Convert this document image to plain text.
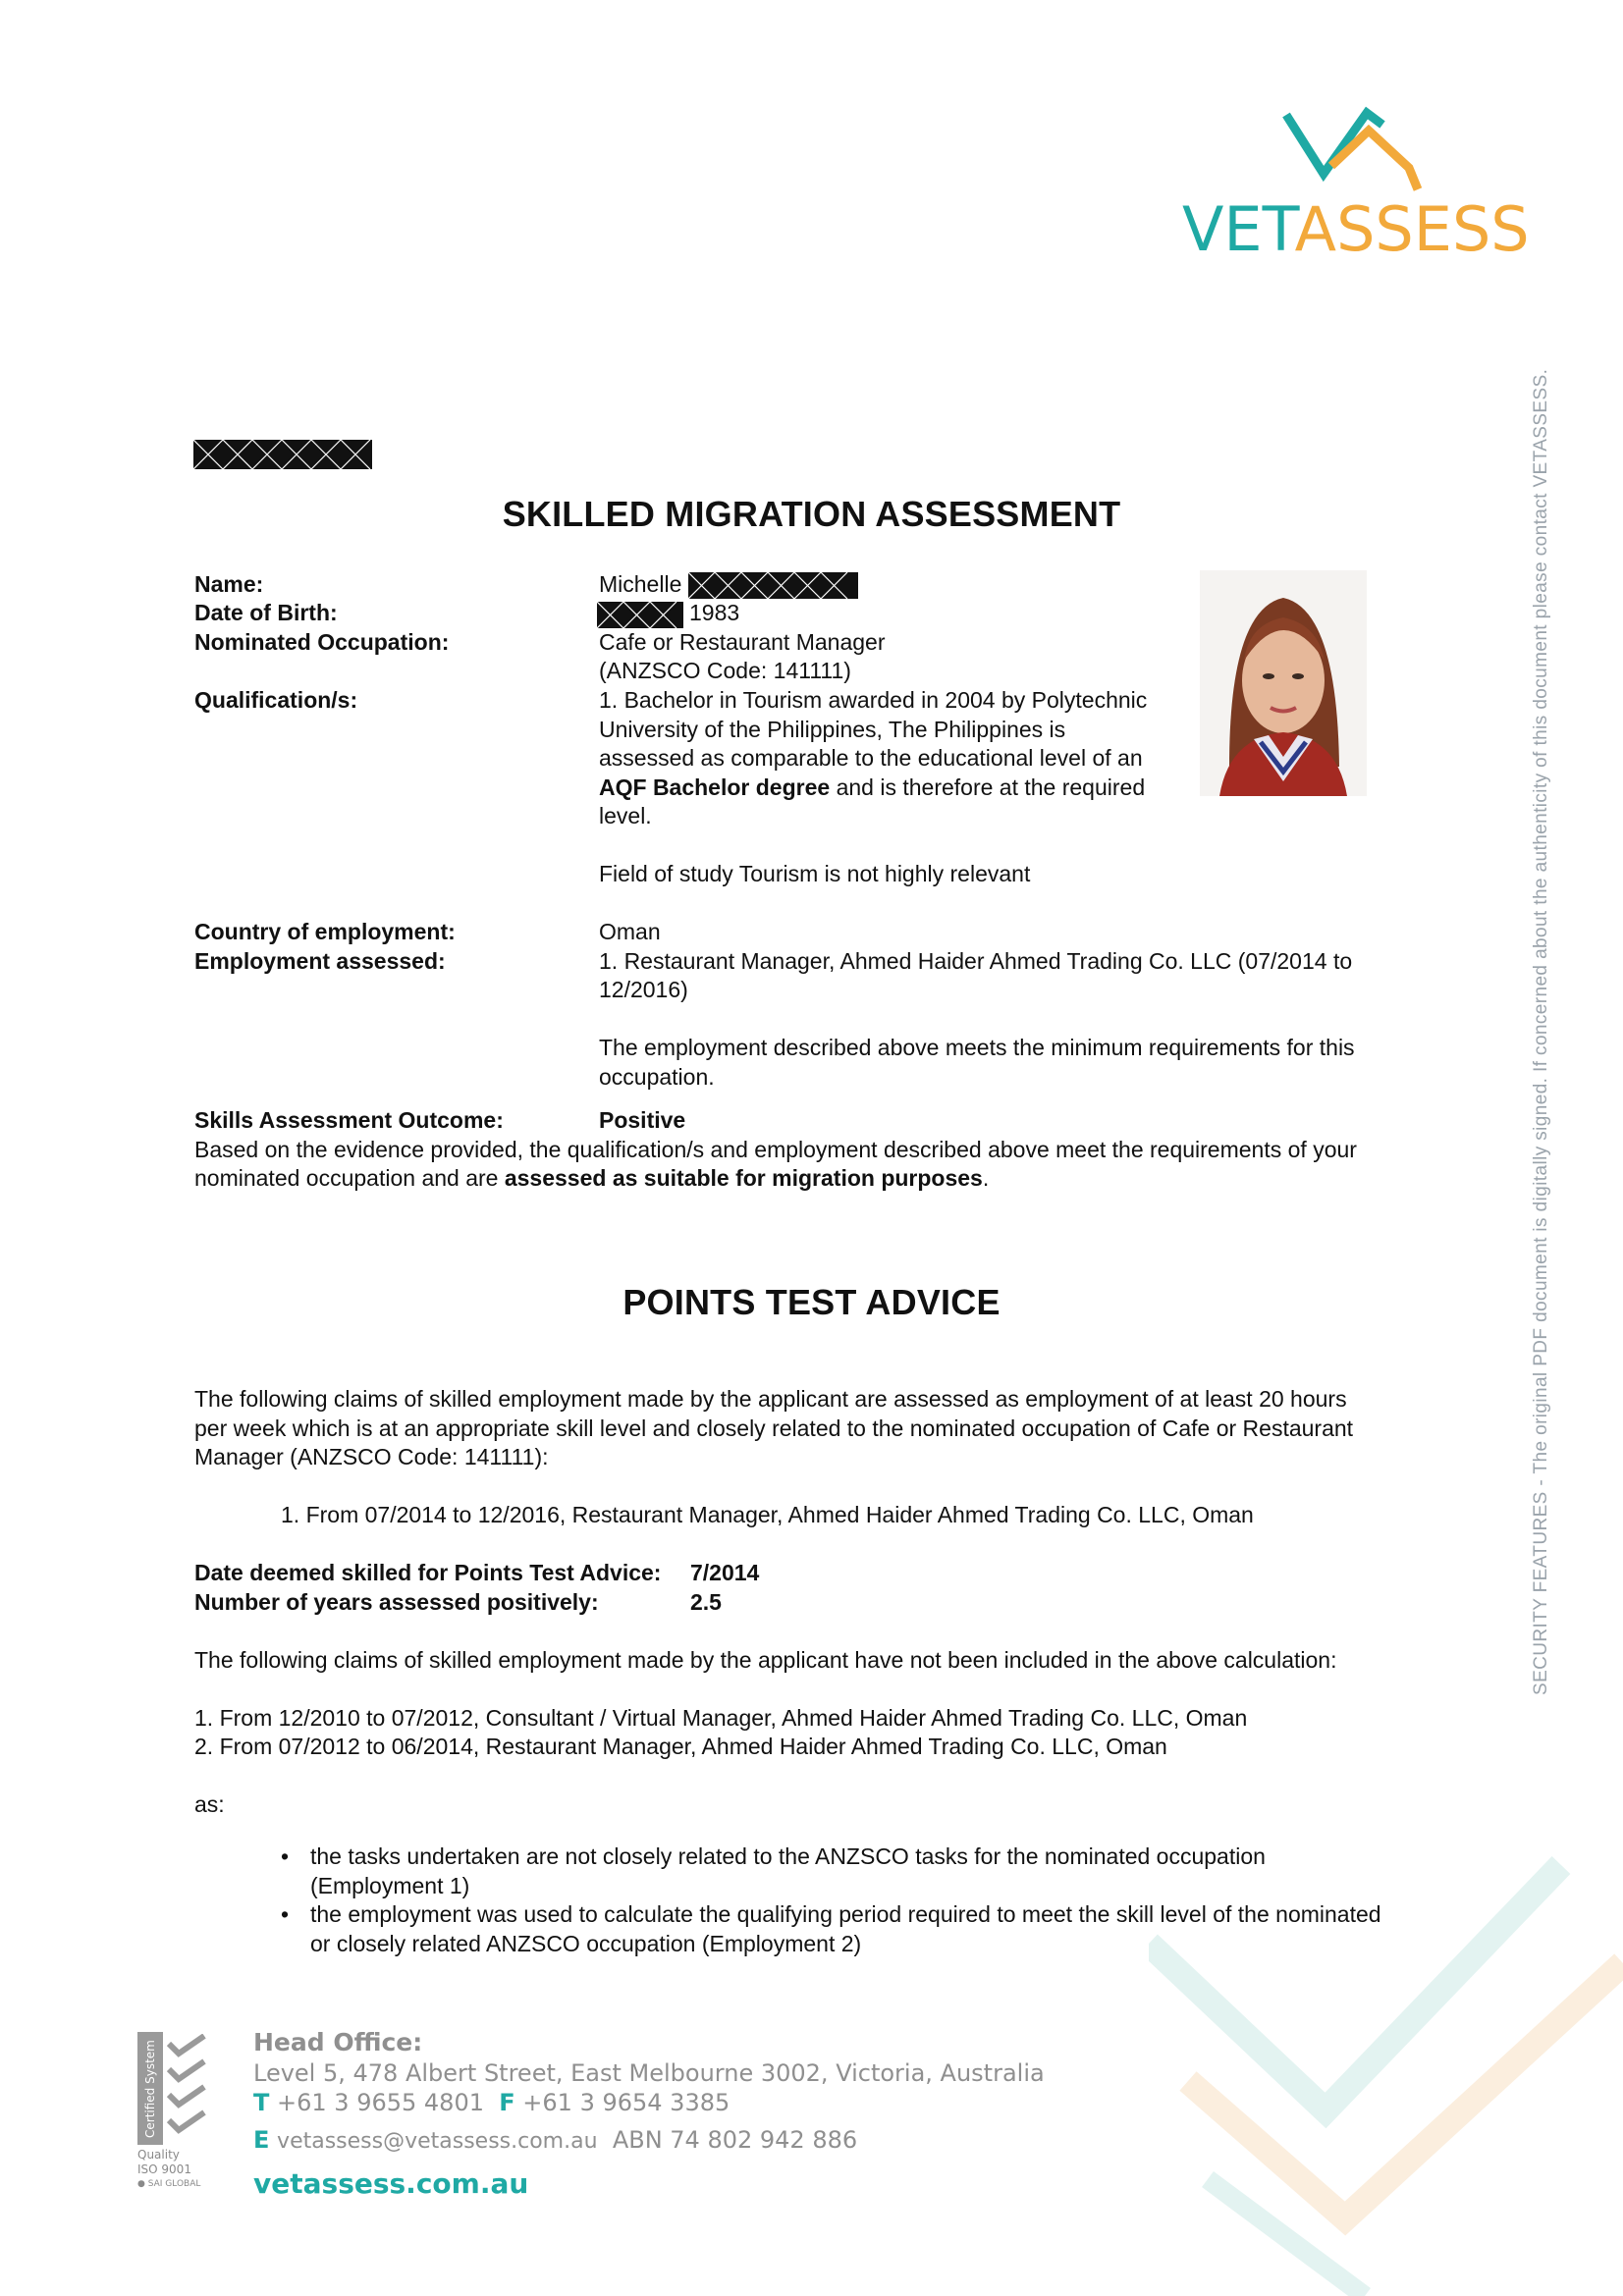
VETASSESS
SECURITY FEATURES - The original PDF document is digitally signed. If concerned about the authenticity of this document please contact VETASSESS.
SKILLED MIGRATION ASSESSMENT
Name:	Michelle
Date of Birth:	1983
Nominated Occupation:	Cafe or Restaurant Manager
(ANZSCO Code: 141111)
Qualification/s:	1. Bachelor in Tourism awarded in 2004 by Polytechnic
University of the Philippines, The Philippines is
assessed as comparable to the educational level of an
AQF Bachelor degree and is therefore at the required
level.
Field of study Tourism is not highly relevant
Country of employment:	Oman
Employment assessed:	1. Restaurant Manager, Ahmed Haider Ahmed Trading Co. LLC (07/2014 to
12/2016)
The employment described above meets the minimum requirements for this
occupation.
Skills Assessment Outcome:	Positive
Based on the evidence provided, the qualification/s and employment described above meet the requirements of your
nominated occupation and are assessed as suitable for migration purposes.
POINTS TEST ADVICE
The following claims of skilled employment made by the applicant are assessed as employment of at least 20 hours
per week which is at an appropriate skill level and closely related to the nominated occupation of Cafe or Restaurant
Manager (ANZSCO Code: 141111):
1. From 07/2014 to 12/2016, Restaurant Manager, Ahmed Haider Ahmed Trading Co. LLC, Oman
Date deemed skilled for Points Test Advice: 7/2014
Number of years assessed positively:	2.5
The following claims of skilled employment made by the applicant have not been included in the above calculation:
1. From 12/2010 to 07/2012, Consultant / Virtual Manager, Ahmed Haider Ahmed Trading Co. LLC, Oman
2. From 07/2012 to 06/2014, Restaurant Manager, Ahmed Haider Ahmed Trading Co. LLC, Oman
as:
• the tasks undertaken are not closely related to the ANZSCO tasks for the nominated occupation
(Employment 1)
• the employment was used to calculate the qualifying period required to meet the skill level of the nominated
or closely related ANZSCO occupation (Employment 2)
Certified System
Quality
ISO 9001
● SAI GLOBAL
Head Office:
Level 5, 478 Albert Street, East Melbourne 3002, Victoria, Australia
T +61 3 9655 4801 F +61 3 9654 3385
E vetassess@vetassess.com.au ABN 74 802 942 886
vetassess.com.au
